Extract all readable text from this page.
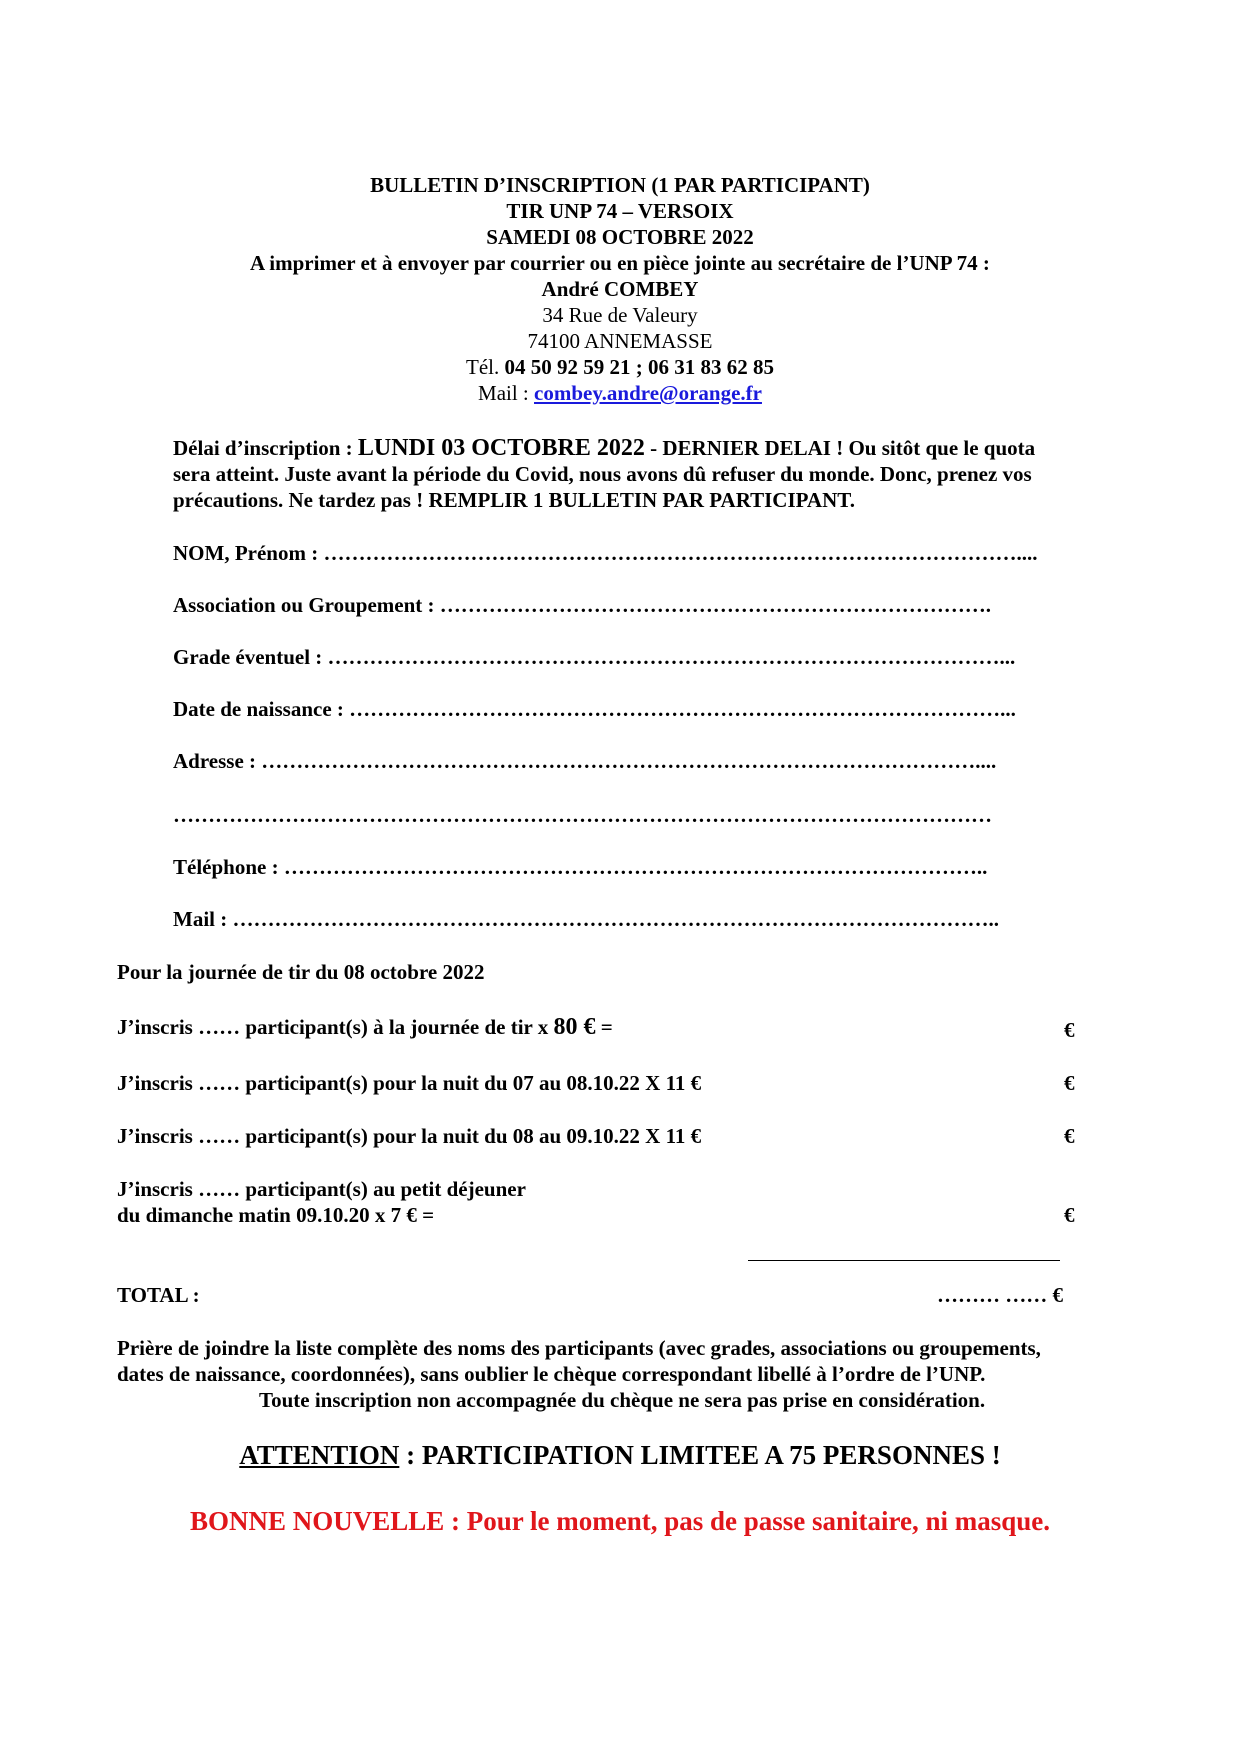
BULLETIN D’INSCRIPTION (1 PAR PARTICIPANT)
TIR UNP 74 – VERSOIX
SAMEDI 08 OCTOBRE 2022
A imprimer et à envoyer par courrier ou en pièce jointe au secrétaire de l’UNP 74 :
André COMBEY
34 Rue de Valeury
74100 ANNEMASSE
Tél. 04 50 92 59 21 ; 06 31 83 62 85
Mail : combey.andre@orange.fr
Délai d’inscription : LUNDI 03 OCTOBRE 2022 - DERNIER DELAI ! Ou sitôt que le quota
sera atteint. Juste avant la période du Covid, nous avons dû refuser du monde. Donc, prenez vos
précautions. Ne tardez pas ! REMPLIR 1 BULLETIN PAR PARTICIPANT.
NOM, Prénom : ………………………………………………………………………………………....
Association ou Groupement : …………………………………………………………………….
Grade éventuel : ……………………………………………………………………………………...
Date de naissance : …………………………………………………………………………………...
Adresse : …………………………………………………………………………………………....
………………………………………………………………………………………………………
Téléphone : ………………………………………………………………………………………..
Mail : ………………………………………………………………………………………………..
Pour la journée de tir du 08 octobre 2022
J’inscris …… participant(s) à la journée de tir x 80 € =	€
J’inscris …… participant(s) pour la nuit du 07 au 08.10.22 X 11 €	€
J’inscris …… participant(s) pour la nuit du 08 au 09.10.22 X 11 €	€
J’inscris …… participant(s) au petit déjeuner
du dimanche matin 09.10.20 x 7 € =	€
TOTAL :	……… …… €
Prière de joindre la liste complète des noms des participants (avec grades, associations ou groupements,
dates de naissance, coordonnées), sans oublier le chèque correspondant libellé à l’ordre de l’UNP.
Toute inscription non accompagnée du chèque ne sera pas prise en considération.
ATTENTION : PARTICIPATION LIMITEE A 75 PERSONNES !
BONNE NOUVELLE : Pour le moment, pas de passe sanitaire, ni masque.
